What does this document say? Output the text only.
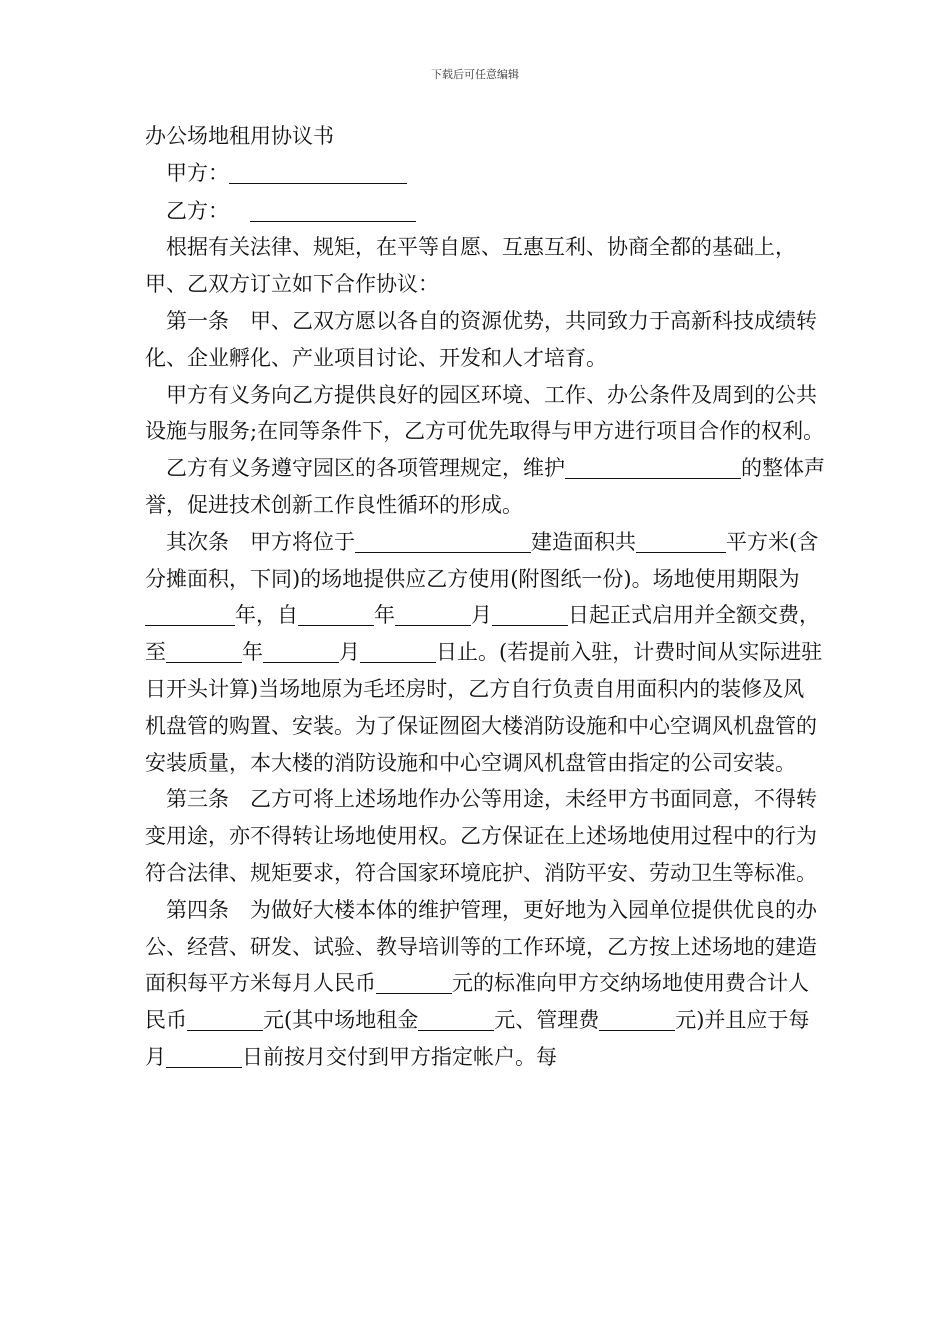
下载后可任意编辑

办公场地租用协议书

甲方：

乙方：

根据有关法律、规矩，在平等自愿、互惠互利、协商全都的基础上，甲、乙双方订立如下合作协议：

第一条 甲、乙双方愿以各自的资源优势，共同致力于高新科技成绩转化、企业孵化、产业项目讨论、开发和人才培育。

甲方有义务向乙方提供良好的园区环境、工作、办公条件及周到的公共设施与服务;在同等条件下，乙方可优先取得与甲方进行项目合作的权利。

乙方有义务遵守园区的各项管理规定，维护	的整体声誉，促进技术创新工作良性循环的形成。

其次条 甲方将位于	建造面积共	平方米(含分摊面积，下同)的场地提供应乙方使用(附图纸一份)。场地使用期限为年，自	年	月	日起正式启用并全额交费，至	年	月	日止。(若提前入驻，计费时间从实际进驻日开头计算)当场地原为毛坯房时，乙方自行负责自用面积内的装修及风机盘管的购置、安装。为了保证囫囵大楼消防设施和中心空调风机盘管的安装质量，本大楼的消防设施和中心空调风机盘管由指定的公司安装。

第三条 乙方可将上述场地作办公等用途，未经甲方书面同意，不得转变用途，亦不得转让场地使用权。乙方保证在上述场地使用过程中的行为符合法律、规矩要求，符合国家环境庇护、消防平安、劳动卫生等标准。

第四条 为做好大楼本体的维护管理，更好地为入园单位提供优良的办公、经营、研发、试验、教导培训等的工作环境，乙方按上述场地的建造面积每平方米每月人民币	元的标准向甲方交纳场地使用费合计人民币	元(其中场地租金	元、管理费	元)并且应于每月	日前按月交付到甲方指定帐户。每
